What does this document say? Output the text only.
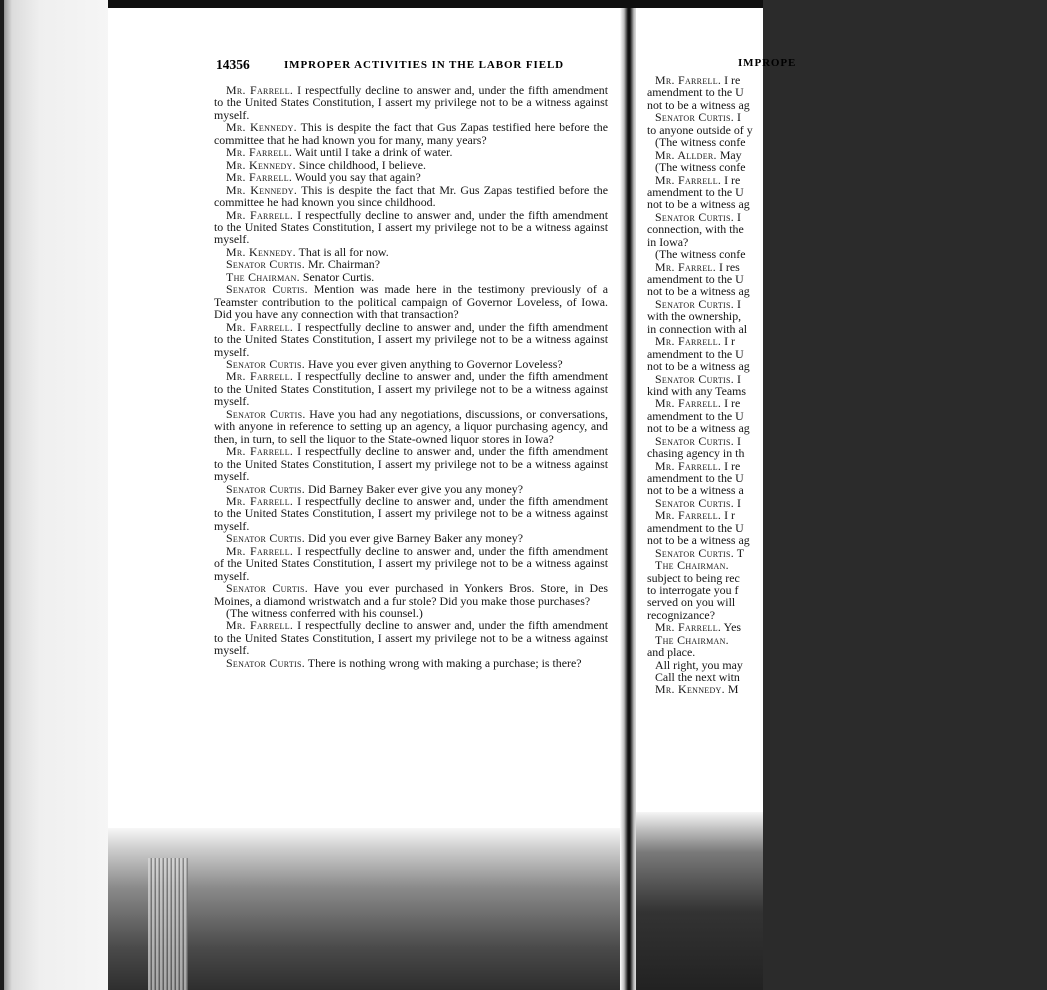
14356	IMPROPER ACTIVITIES IN THE LABOR FIELD

Mr. Farrell. I respectfully decline to answer and, under the fifth amendment to the United States Constitution, I assert my privilege not to be a witness against myself.

Mr. Kennedy. This is despite the fact that Gus Zapas testified here before the committee that he had known you for many, many years?

Mr. Farrell. Wait until I take a drink of water.

Mr. Kennedy. Since childhood, I believe.

Mr. Farrell. Would you say that again?

Mr. Kennedy. This is despite the fact that Mr. Gus Zapas testified before the committee he had known you since childhood.

Mr. Farrell. I respectfully decline to answer and, under the fifth amendment to the United States Constitution, I assert my privilege not to be a witness against myself.

Mr. Kennedy. That is all for now.

Senator Curtis. Mr. Chairman?

The Chairman. Senator Curtis.

Senator Curtis. Mention was made here in the testimony previously of a Teamster contribution to the political campaign of Governor Loveless, of Iowa. Did you have any connection with that transaction?

Mr. Farrell. I respectfully decline to answer and, under the fifth amendment to the United States Constitution, I assert my privilege not to be a witness against myself.

Senator Curtis. Have you ever given anything to Governor Loveless?

Mr. Farrell. I respectfully decline to answer and, under the fifth amendment to the United States Constitution, I assert my privilege not to be a witness against myself.

Senator Curtis. Have you had any negotiations, discussions, or conversations, with anyone in reference to setting up an agency, a liquor purchasing agency, and then, in turn, to sell the liquor to the State-owned liquor stores in Iowa?

Mr. Farrell. I respectfully decline to answer and, under the fifth amendment to the United States Constitution, I assert my privilege not to be a witness against myself.

Senator Curtis. Did Barney Baker ever give you any money?

Mr. Farrell. I respectfully decline to answer and, under the fifth amendment to the United States Constitution, I assert my privilege not to be a witness against myself.

Senator Curtis. Did you ever give Barney Baker any money?

Mr. Farrell. I respectfully decline to answer and, under the fifth amendment of the United States Constitution, I assert my privilege not to be a witness against myself.

Senator Curtis. Have you ever purchased in Yonkers Bros. Store, in Des Moines, a diamond wristwatch and a fur stole? Did you make those purchases?

(The witness conferred with his counsel.)

Mr. Farrell. I respectfully decline to answer and, under the fifth amendment to the United States Constitution, I assert my privilege not to be a witness against myself.

Senator Curtis. There is nothing wrong with making a purchase; is there?

IMPROPE
Mr. Farrell. I re
amendment to the U
not to be a witness ag
Senator Curtis. I
to anyone outside of y
(The witness confe
Mr. Allder. May
(The witness confe
Mr. Farrell. I re
amendment to the U
not to be a witness ag
Senator Curtis. I
connection, with the
in Iowa?
(The witness confe
Mr. Farrel. I res
amendment to the U
not to be a witness ag
Senator Curtis. I
with the ownership,
in connection with al
Mr. Farrell. I r
amendment to the U
not to be a witness ag
Senator Curtis. I
kind with any Teams
Mr. Farrell. I re
amendment to the U
not to be a witness ag
Senator Curtis. I
chasing agency in th
Mr. Farrell. I re
amendment to the U
not to be a witness a
Senator Curtis. I
Mr. Farrell. I r
amendment to the U
not to be a witness ag
Senator Curtis. T
The Chairman.
subject to being rec
to interrogate you f
served on you will
recognizance?
Mr. Farrell. Yes
The Chairman.
and place.
All right, you may
Call the next witn
Mr. Kennedy. M
